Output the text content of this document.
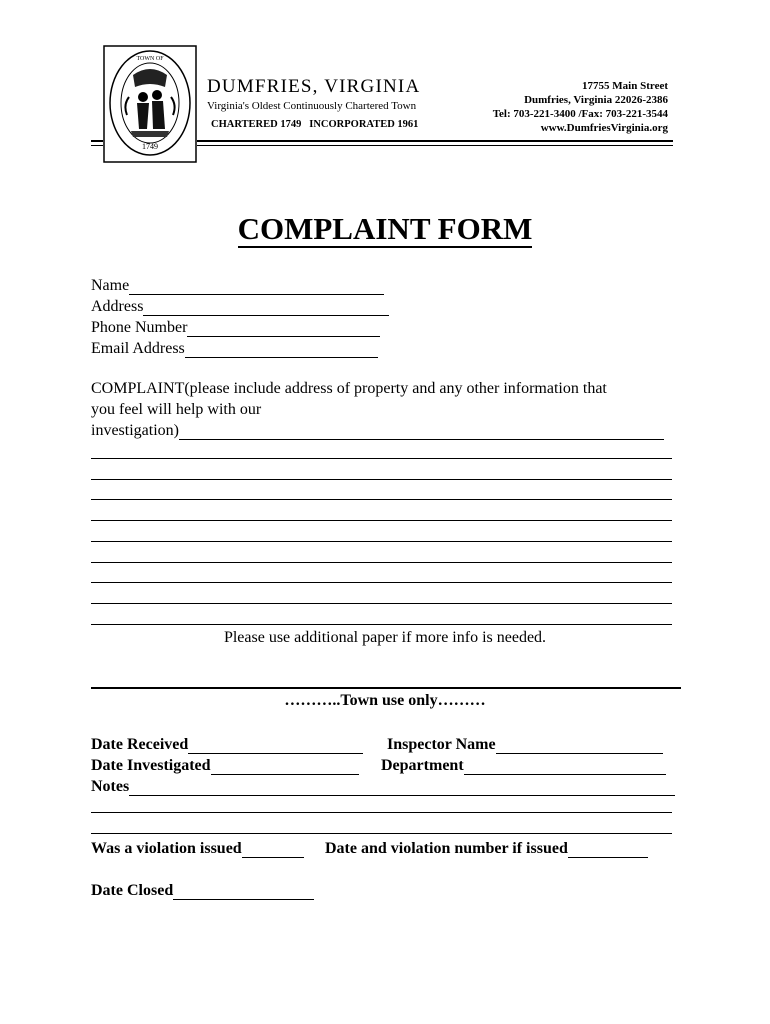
1749
TOWN OF
DUMFRIES, VIRGINIA
Virginia's Oldest Continuously Chartered Town
CHARTERED 1749 INCORPORATED 1961
17755 Main Street
Dumfries, Virginia 22026-2386
Tel: 703-221-3400 /Fax: 703-221-3544
www.DumfriesVirginia.org
COMPLAINT FORM
Name
Address
Phone Number
Email Address
COMPLAINT(please include address of property and any other information that
you feel will help with our
investigation)
Please use additional paper if more info is needed.
………..Town use only………
Date Received	Inspector Name
Date Investigated	Department
Notes
Was a violation issued	Date and violation number if issued
Date Closed
